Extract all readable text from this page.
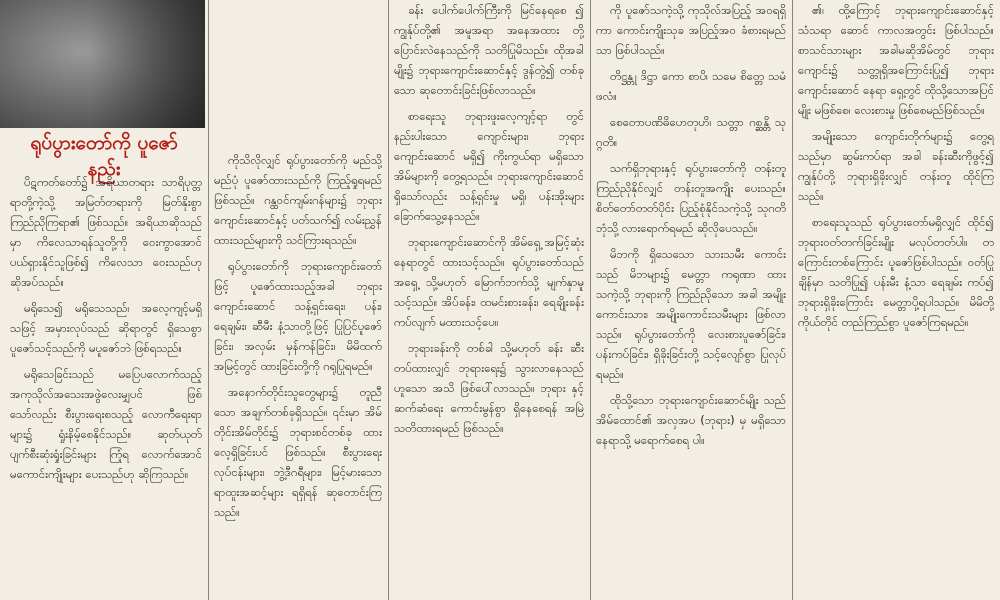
ရုပ်ပွားတော်ကို ပူဇော်နည်း

ပိဋကတ်တော်၌ အရိယာတရား သာရိပုတ္တရာတို့ကဲ့သို့ အမြတ်တရားကို မြတ်နိုးစွာ ကြည်ညိုကြရာ၏ ဖြစ်သည်။ အရိယာဆိုသည်မှာ ကိလေသာရန်သူတို့ကို ဝေးကွာအောင် ပယ်ရှားနိုင်သူဖြစ်၍ ကိလေသာ ဝေးသည်ဟု ဆိုအပ်သည်။

မရိုသေ၍ မရိုသေသည်၊ အလေ့ကျင့်မရှိသဖြင့် အမှားလုပ်သည် ဆိုရာတွင် ရှိသေစွာ ပူဇော်သင့်သည်ကို မပူဇော်ဘဲ ဖြစ်ရသည်။

မရိုသေခြင်းသည် မပြေပလောက်သည့် အကုသိုလ်အသေးအဖွဲလေးမျှပင် ဖြစ်သော်လည်း စီးပွားရေးစသည့် လောကီရေးရာများ၌ ရှုံးနိမ့်စေနိုင်သည်။ ဆုတ်ယုတ်ပျက်စီးဆုံးရှုံးခြင်းများ ကြုံရ လောက်အောင် မကောင်းကျိုးများ ပေးသည်ဟု ဆိုကြသည်။

ကိုသိလိုလျှင် ရုပ်ပွားတော်ကို မည်သို့ မည်ပုံ ပူဇော်ထားသည်ကို ကြည့်ရှုရမည် ဖြစ်သည်။ ဂန္ထဝင်ကျမ်းဂန်များ၌ ဘုရားကျောင်းဆောင်နှင့် ပတ်သက်၍ လမ်းညွှန်ထားသည်များကို သင်ကြားရသည်။

ရုပ်ပွားတော်ကို ဘုရားကျောင်းတော်ဖြင့် ပူဇော်ထားသည့်အခါ ဘုရားကျောင်းဆောင် သန့်ရှင်းရေး၊ ပန်း၊ ရေချမ်း၊ ဆီမီး နံ့သာတို့ဖြင့် ပြုပြင်ပူဇော်ခြင်း၊ အလှမ်း မှန်ကန်ခြင်း၊ မိမိထက် အမြင့်တွင် ထားခြင်းတို့ကို ဂရုပြုရမည်။

အနောက်တိုင်းသူတွေများ၌ တူညီသော အချက်တစ်ခုရှိသည်။ ၎င်းမှာ အိမ်တိုင်းအိမ်တိုင်း၌ ဘုရားစင်တစ်ခု ထားလေ့ရှိခြင်းပင် ဖြစ်သည်။ စီးပွားရေးလုပ်ငန်းများ၊ ဘွဲ့ဒီဂရီများ၊ မြင့်မားသော ရာထူးအဆင့်များ ရရှိရန် ဆုတောင်းကြသည်။

ခန်း ပေါက်ပေါက်ကြီးကို မြင်နေရစေ ၍ ကျွန်ုပ်တို့၏ အမူအရာ အနေအထား တို့ ပြောင်းလဲနေသည်ကို သတိပြုမိသည်။ ထိုအခါမျိုး၌ ဘုရားကျောင်းဆောင်နှင့် ဒွန်တွဲ၍ တစ်ခုသော ဆုတောင်းခြင်းဖြစ်လာသည်။

စာရေးသူ ဘုရားဖူးလေ့ကျင့်ရာ တွင် နည်းပါးသော ကျောင်းများ၊ ဘုရားကျောင်းဆောင် မရှိ၍ ကိုးကွယ်ရာ မရှိသော အိမ်များကို တွေ့ရသည်။ ဘုရားကျောင်းဆောင် ရှိသော်လည်း သန့်ရှင်းမှု မရှိ၊ ပန်းအိုးများ ခြောက်သွေ့နေသည်။

ဘုရားကျောင်းဆောင်ကို အိမ်ရှေ့ အမြင့်ဆုံးနေရာတွင် ထားသင့်သည်။ ရုပ်ပွားတော်သည် အရှေ့ သို့မဟုတ် မြောက်ဘက်သို့ မျက်နှာမူသင့်သည်။ အိပ်ခန်း၊ ထမင်းစားခန်း၊ ရေချိုးခန်း ကပ်လျက် မထားသင့်ပေ။

ဘုရားခန်းကို တစ်ခါ သို့မဟုတ် ခန်း ဆီးတပ်ထားလျှင် ဘုရားရေး၌ သွားလာနေသည်ဟူသော အသိ ဖြစ်ပေါ်လာသည်။ ဘုရား နှင့် ဆက်ဆံရေး ကောင်းမွန်စွာ ရှိနေစေရန် အမြဲ သတိထားရမည် ဖြစ်သည်။

ကို ပူဇော်သကဲ့သို့ ကုသိုလ်အပြည့် အဝရရှိကာ ကောင်းကျိုးသုခ အပြည့်အဝ ခံစားရမည်သာ ဖြစ်ပါသည်။

တိဋ္ဌန္တု ဒိဋ္ဌာ ကော စာပိ၊ သမေ စိတ္တေ သမံ ဖလံ။

စေတောပဏိဓိဟေတုဟိ၊ သတ္တာ ဂစ္ဆန္တိ သုဂ္ဂတိ။

သက်ရှိဘုရားနှင့် ရုပ်ပွားတော်ကို တန်းတူကြည်ညိုနိုင်လျှင် တန်းတူအကျိုး ပေးသည်။ စိတ်တော်တတ်ပိုင်း ပြည့်စုံနိုင်သကဲ့သို့ သုဂတိဘုံသို့ လားရောက်ရမည် ဆိုလိုပေသည်။

မိဘကို ရှိသေသော သားသမီး ကောင်းသည် မိဘများ၌ မေတ္တာ ကရုဏာ ထားသကဲ့သို့ ဘုရားကို ကြည်ညိုသော အခါ အမျိုးကောင်းသား၊ အမျိုးကောင်းသမီးများ ဖြစ်လာသည်။ ရုပ်ပွားတော်ကို လေးစားပူဇော်ခြင်း၊ ပန်းကပ်ခြင်း၊ ရှိခိုးခြင်းတို့ သင့်လျော်စွာ ပြုလုပ်ရမည်။

ထိုသို့သော ဘုရားကျောင်းဆောင်မျိုး သည် အိမ်ထောင်၏ အလှအပ (ဘုရား) မှ မရှိသော နေရာသို့ မရောက်စေရ ပါ။

၏၊ ထို့ကြောင့် ဘုရားကျောင်းဆောင်နှင့် သံသရာ ဆောင် ကာလအတွင်း ဖြစ်ပါသည်။ စာသင်သားများ အခါမဆိုအိမ်တွင် ဘုရားကျောင်း၌ သတ္တုရှိအကြောင်းပြု၍ ဘုရားကျောင်းဆောင် နေရာ ရှေ့တွင် ထိုသို့သောအပြင်မျိုး မဖြစ်စေ၊ လေးစားမှု ဖြစ်စေမည်ဖြစ်သည်။

အမျိုးသော ကျောင်းတိုက်များ၌ တွေ့ရသည်မှာ ဆွမ်းကပ်ရာ အခါ ခန်းဆီးကိုဖွင့်၍ ကျွန်ုပ်တို့ ဘုရားရှိခိုးလျှင် တန်းတူ ထိုင်ကြသည်။

စာရေးသူသည် ရုပ်ပွားတော်မရှိလျှင် ထိုင်၍ ဘုရားဝတ်တက်ခြင်းမျိုး မလုပ်တတ်ပါ။ တကြောင်းတစ်ကြောင်း ပူဇော်ဖြစ်ပါသည်။ ဝတ်ပြုချိန်မှာ သတိပြု၍ ပန်းမီး နံ့သာ ရေချမ်း ကပ်၍ ဘုရားရှိခိုးကြောင်း မေတ္တာပို့ရပါသည်။ မိမိတို့ ကိုယ်တိုင် တည်ကြည်စွာ ပူဇော်ကြရမည်။
